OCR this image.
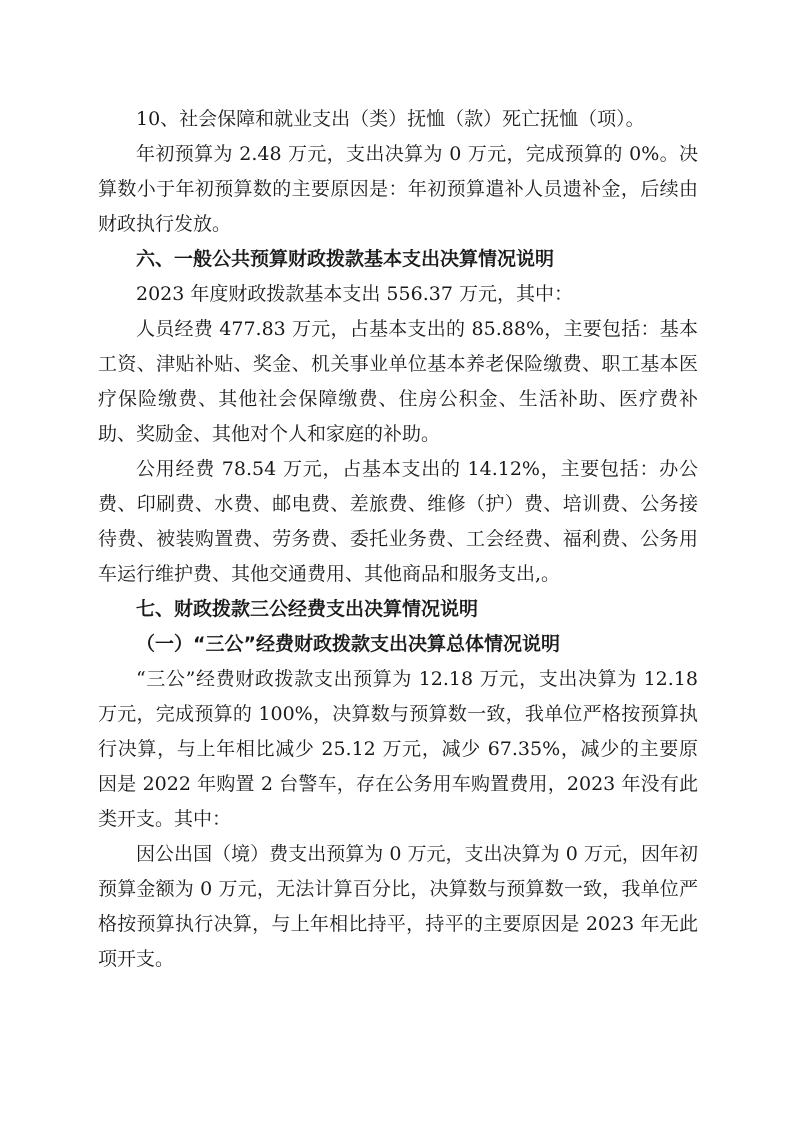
10、社会保障和就业支出（类）抚恤（款）死亡抚恤（项）。

年初预算为 2.48 万元，支出决算为 0 万元，完成预算的 0%。决算数小于年初预算数的主要原因是：年初预算遣补人员遗补金，后续由财政执行发放。

六、一般公共预算财政拨款基本支出决算情况说明

2023 年度财政拨款基本支出 556.37 万元，其中：

人员经费 477.83 万元，占基本支出的 85.88%，主要包括：基本工资、津贴补贴、奖金、机关事业单位基本养老保险缴费、职工基本医疗保险缴费、其他社会保障缴费、住房公积金、生活补助、医疗费补助、奖励金、其他对个人和家庭的补助。

公用经费 78.54 万元，占基本支出的 14.12%，主要包括：办公费、印刷费、水费、邮电费、差旅费、维修（护）费、培训费、公务接待费、被装购置费、劳务费、委托业务费、工会经费、福利费、公务用车运行维护费、其他交通费用、其他商品和服务支出,。

七、财政拨款三公经费支出决算情况说明

（一）“三公”经费财政拨款支出决算总体情况说明

“三公”经费财政拨款支出预算为 12.18 万元，支出决算为 12.18 万元，完成预算的 100%，决算数与预算数一致，我单位严格按预算执行决算，与上年相比减少 25.12 万元，减少 67.35%，减少的主要原因是 2022 年购置 2 台警车，存在公务用车购置费用，2023 年没有此类开支。其中：

因公出国（境）费支出预算为 0 万元，支出决算为 0 万元，因年初预算金额为 0 万元，无法计算百分比，决算数与预算数一致，我单位严格按预算执行决算，与上年相比持平，持平的主要原因是 2023 年无此项开支。
